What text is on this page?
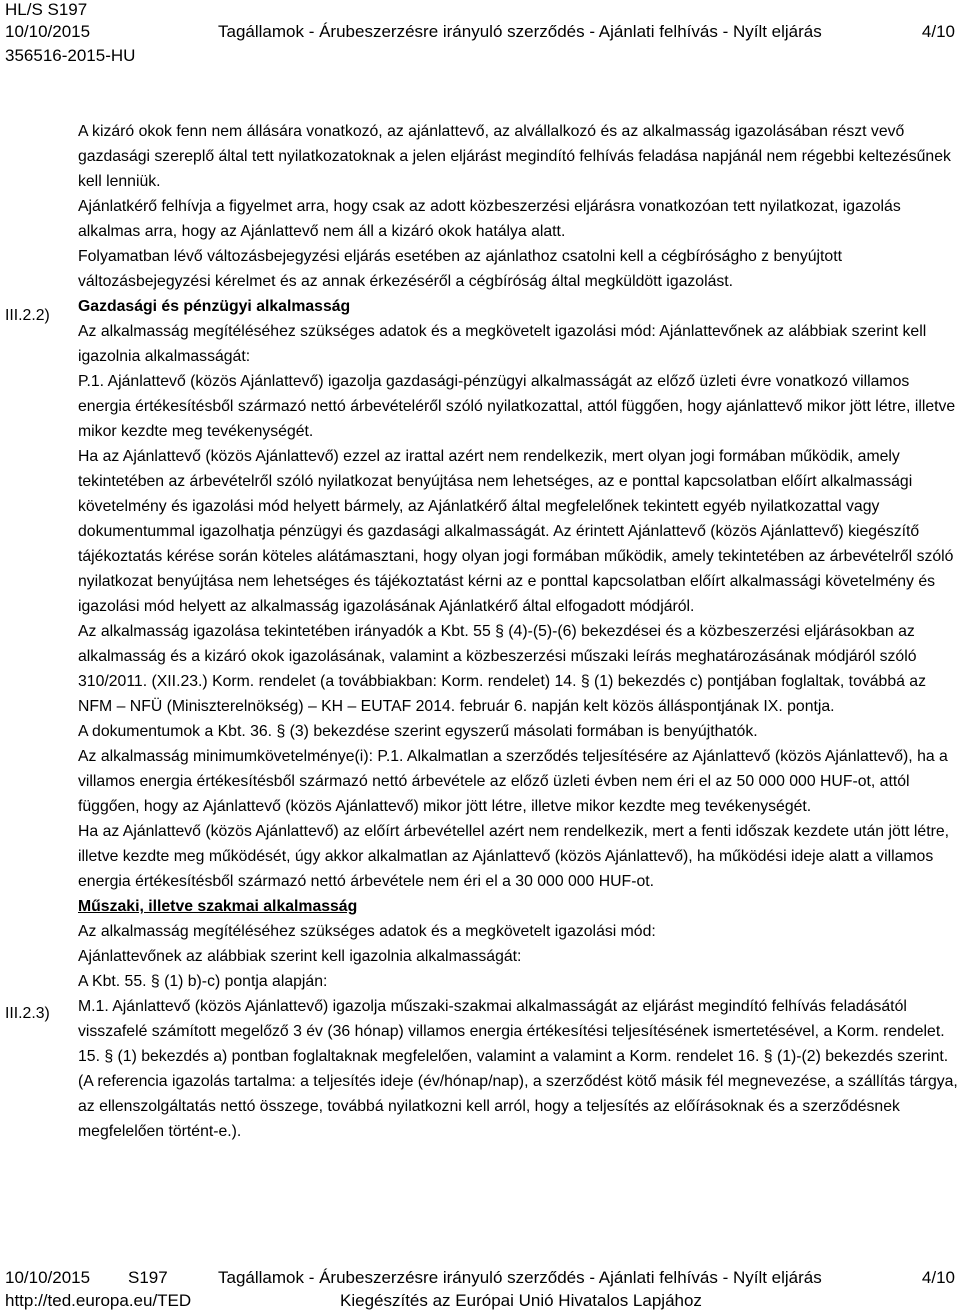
HL/S S197
10/10/2015	Tagállamok - Árubeszerzésre irányuló szerződés - Ajánlati felhívás - Nyílt eljárás	4/10
356516-2015-HU
III.2.2)
III.2.3)

A kizáró okok fenn nem állására vonatkozó, az ajánlattevő, az alvállalkozó és az alkalmasság igazolásában részt vevő gazdasági szereplő által tett nyilatkozatoknak a jelen eljárást megindító felhívás feladása napjánál nem régebbi keltezésűnek kell lenniük.

Ajánlatkérő felhívja a figyelmet arra, hogy csak az adott közbeszerzési eljárásra vonatkozóan tett nyilatkozat, igazolás alkalmas arra, hogy az Ajánlattevő nem áll a kizáró okok hatálya alatt.

Folyamatban lévő változásbejegyzési eljárás esetében az ajánlathoz csatolni kell a cégbíróságho z benyújtott változásbejegyzési kérelmet és az annak érkezéséről a cégbíróság által megküldött igazolást.

Gazdasági és pénzügyi alkalmasság

Az alkalmasság megítéléséhez szükséges adatok és a megkövetelt igazolási mód: Ajánlattevőnek az alábbiak szerint kell igazolnia alkalmasságát:

P.1. Ajánlattevő (közös Ajánlattevő) igazolja gazdasági-pénzügyi alkalmasságát az előző üzleti évre vonatkozó villamos energia értékesítésből származó nettó árbevételéről szóló nyilatkozattal, attól függően, hogy ajánlattevő mikor jött létre, illetve mikor kezdte meg tevékenységét.

Ha az Ajánlattevő (közös Ajánlattevő) ezzel az irattal azért nem rendelkezik, mert olyan jogi formában működik, amely tekintetében az árbevételről szóló nyilatkozat benyújtása nem lehetséges, az e ponttal kapcsolatban előírt alkalmassági követelmény és igazolási mód helyett bármely, az Ajánlatkérő által megfelelőnek tekintett egyéb nyilatkozattal vagy dokumentummal igazolhatja pénzügyi és gazdasági alkalmasságát. Az érintett Ajánlattevő (közös Ajánlattevő) kiegészítő tájékoztatás kérése során köteles alátámasztani, hogy olyan jogi formában működik, amely tekintetében az árbevételről szóló nyilatkozat benyújtása nem lehetséges és tájékoztatást kérni az e ponttal kapcsolatban előírt alkalmassági követelmény és igazolási mód helyett az alkalmasság igazolásának Ajánlatkérő által elfogadott módjáról.

Az alkalmasság igazolása tekintetében irányadók a Kbt. 55 § (4)-(5)-(6) bekezdései és a közbeszerzési eljárásokban az alkalmasság és a kizáró okok igazolásának, valamint a közbeszerzési műszaki leírás meghatározásának módjáról szóló 310/2011. (XII.23.) Korm. rendelet (a továbbiakban: Korm. rendelet) 14. § (1) bekezdés c) pontjában foglaltak, továbbá az NFM – NFÜ (Miniszterelnökség) – KH – EUTAF 2014. február 6. napján kelt közös álláspontjának IX. pontja.

A dokumentumok a Kbt. 36. § (3) bekezdése szerint egyszerű másolati formában is benyújthatók.

Az alkalmasság minimumkövetelménye(i): P.1. Alkalmatlan a szerződés teljesítésére az Ajánlattevő (közös Ajánlattevő), ha a villamos energia értékesítésből származó nettó árbevétele az előző üzleti évben nem éri el az 50 000 000 HUF-ot, attól függően, hogy az Ajánlattevő (közös Ajánlattevő) mikor jött létre, illetve mikor kezdte meg tevékenységét.

Ha az Ajánlattevő (közös Ajánlattevő) az előírt árbevétellel azért nem rendelkezik, mert a fenti időszak kezdete után jött létre, illetve kezdte meg működését, úgy akkor alkalmatlan az Ajánlattevő (közös Ajánlattevő), ha működési ideje alatt a villamos energia értékesítésből származó nettó árbevétele nem éri el a 30 000 000 HUF-ot.

Műszaki, illetve szakmai alkalmasság

Az alkalmasság megítéléséhez szükséges adatok és a megkövetelt igazolási mód:

Ajánlattevőnek az alábbiak szerint kell igazolnia alkalmasságát:

A Kbt. 55. § (1) b)-c) pontja alapján:

M.1. Ajánlattevő (közös Ajánlattevő) igazolja műszaki-szakmai alkalmasságát az eljárást megindító felhívás feladásától visszafelé számított megelőző 3 év (36 hónap) villamos energia értékesítési teljesítésének ismertetésével, a Korm. rendelet. 15. § (1) bekezdés a) pontban foglaltaknak megfelelően, valamint a valamint a Korm. rendelet 16. § (1)-(2) bekezdés szerint. (A referencia igazolás tartalma: a teljesítés ideje (év/hónap/nap), a szerződést kötő másik fél megnevezése, a szállítás tárgya, az ellenszolgáltatás nettó összege, továbbá nyilatkozni kell arról, hogy a teljesítés az előírásoknak és a szerződésnek megfelelően történt-e.).

10/10/2015 S197	Tagállamok - Árubeszerzésre irányuló szerződés - Ajánlati felhívás - Nyílt eljárás	4/10
http://ted.europa.eu/TED	Kiegészítés az Európai Unió Hivatalos Lapjához
